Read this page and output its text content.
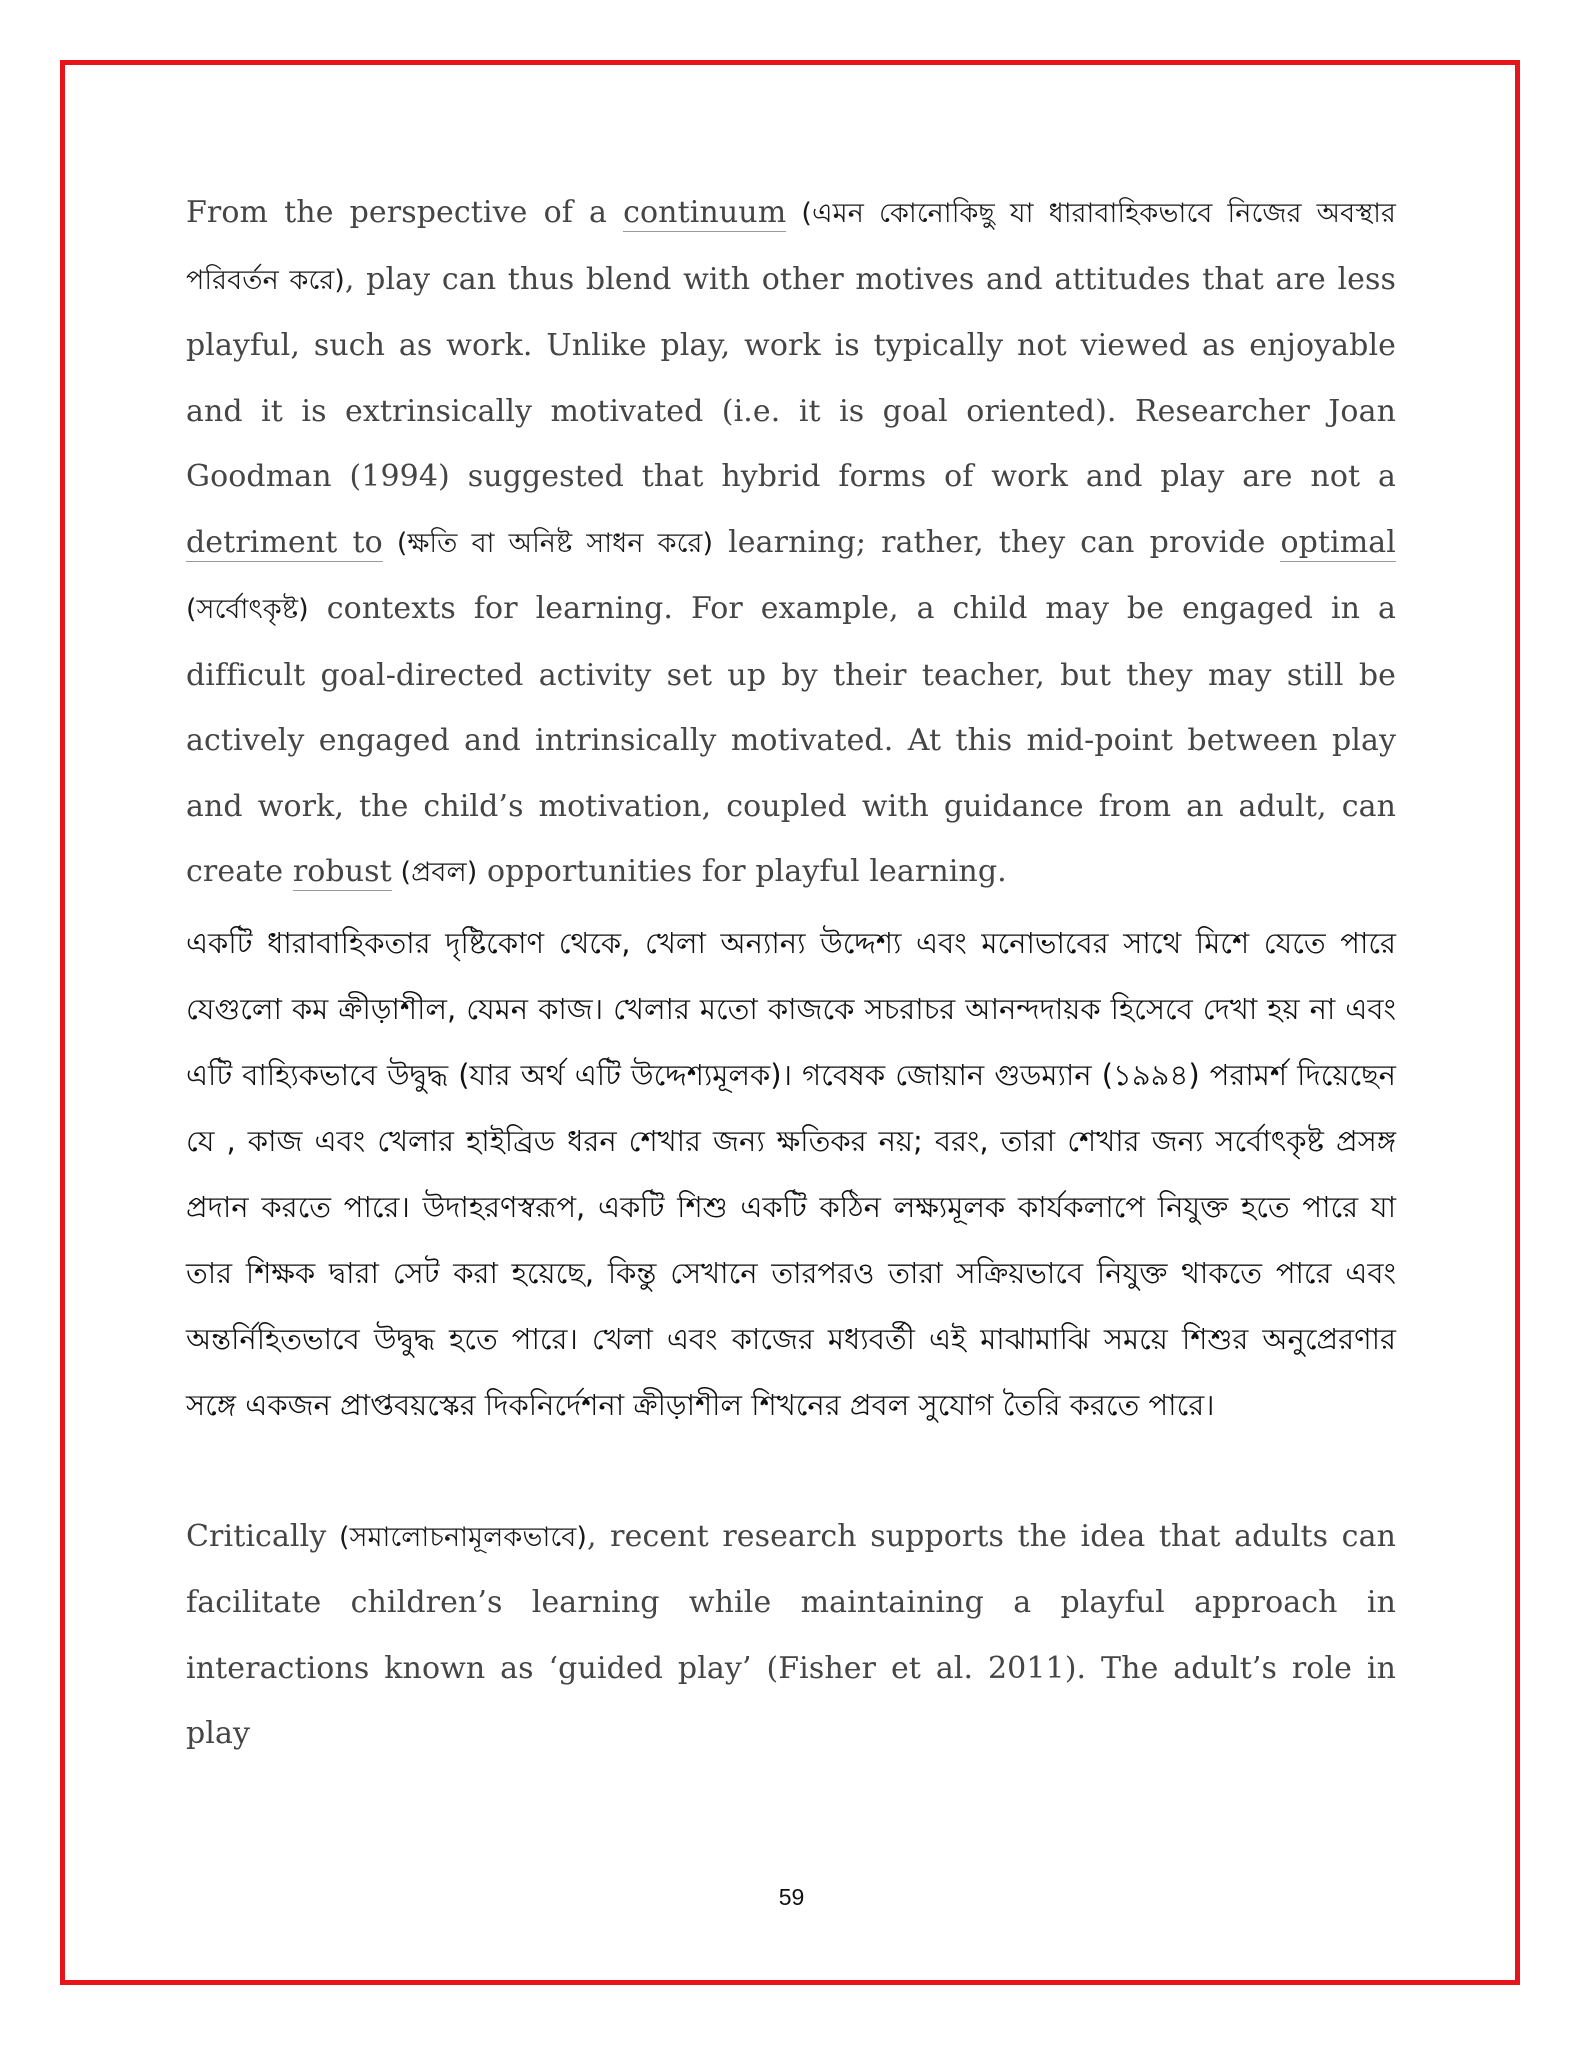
From the perspective of a continuum (এমন কোনোকিছু যা ধারাবাহিকভাবে নিজের অবস্থার পরিবর্তন করে), play can thus blend with other motives and attitudes that are less playful, such as work. Unlike play, work is typically not viewed as enjoyable and it is extrinsically motivated (i.e. it is goal oriented). Researcher Joan Goodman (1994) suggested that hybrid forms of work and play are not a detriment to (ক্ষতি বা অনিষ্ট সাধন করে) learning; rather, they can provide optimal (সর্বোৎকৃষ্ট) contexts for learning. For example, a child may be engaged in a difficult goal-directed activity set up by their teacher, but they may still be actively engaged and intrinsically motivated. At this mid-point between play and work, the child’s motivation, coupled with guidance from an adult, can create robust (প্রবল) opportunities for playful learning.

একটি ধারাবাহিকতার দৃষ্টিকোণ থেকে, খেলা অন্যান্য উদ্দেশ্য এবং মনোভাবের সাথে মিশে যেতে পারে যেগুলো কম ক্রীড়াশীল, যেমন কাজ। খেলার মতো কাজকে সচরাচর আনন্দদায়ক হিসেবে দেখা হয় না এবং এটি বাহ্যিকভাবে উদ্বুদ্ধ (যার অর্থ এটি উদ্দেশ্যমূলক)। গবেষক জোয়ান গুডম্যান (১৯৯৪) পরামর্শ দিয়েছেন যে , কাজ এবং খেলার হাইব্রিড ধরন শেখার জন্য ক্ষতিকর নয়; বরং, তারা শেখার জন্য সর্বোৎকৃষ্ট প্রসঙ্গ প্রদান করতে পারে। উদাহরণস্বরূপ, একটি শিশু একটি কঠিন লক্ষ্যমূলক কার্যকলাপে নিযুক্ত হতে পারে যা তার শিক্ষক দ্বারা সেট করা হয়েছে, কিন্তু সেখানে তারপরও তারা সক্রিয়ভাবে নিযুক্ত থাকতে পারে এবং অন্তর্নিহিতভাবে উদ্বুদ্ধ হতে পারে। খেলা এবং কাজের মধ্যবর্তী এই মাঝামাঝি সময়ে শিশুর অনুপ্রেরণার সঙ্গে একজন প্রাপ্তবয়স্কের দিকনির্দেশনা ক্রীড়াশীল শিখনের প্রবল সুযোগ তৈরি করতে পারে।

Critically (সমালোচনামূলকভাবে), recent research supports the idea that adults can facilitate children’s learning while maintaining a playful approach in interactions known as ‘guided play’ (Fisher et al. 2011). The adult’s role in play

59
